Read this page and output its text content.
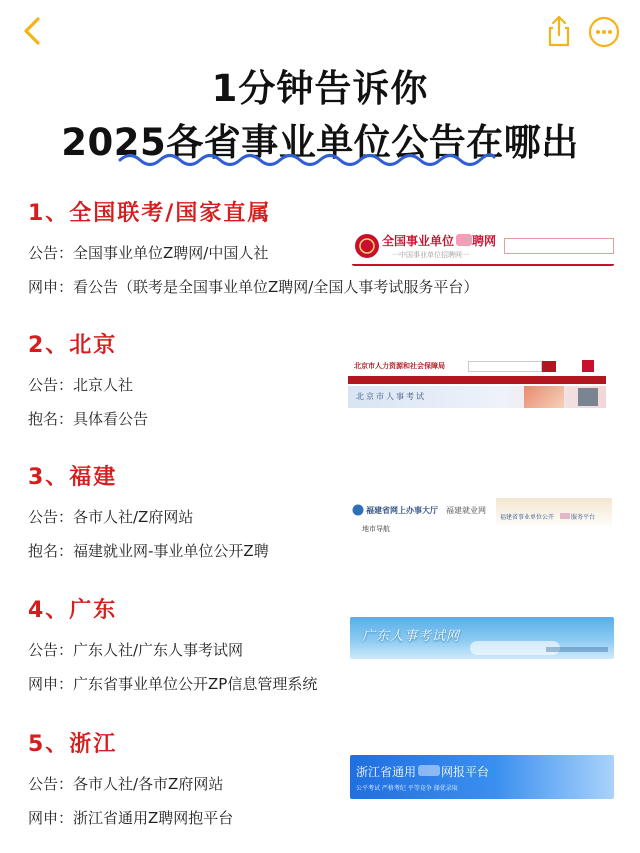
1分钟告诉你
2025各省事业单位公告在哪出
1、全国联考/国家直属
公告：全国事业单位Z聘网/中国人社
网申：看公告（联考是全国事业单位Z聘网/全国人事考试服务平台）
全国事业单位 聘网
一中国事业单位招聘网一
2、北京
公告：北京人社
抱名：具体看公告
北京市人力资源和社会保障局
北京市人事考试
3、福建
公告：各市人社/Z府网站
抱名：福建就业网-事业单位公开Z聘
福建省网上办事大厅 福建就业网
地市导航
福建省事业单位公开	服务平台
4、广东
公告：广东人社/广东人事考试网
网申：广东省事业单位公开ZP信息管理系统
广东人事考试网
5、浙江
公告：各市人社/各市Z府网站
网申：浙江省通用Z聘网抱平台
浙江省通用 网报平台
公平考试 严格考纪 平等竞争 择优录取
